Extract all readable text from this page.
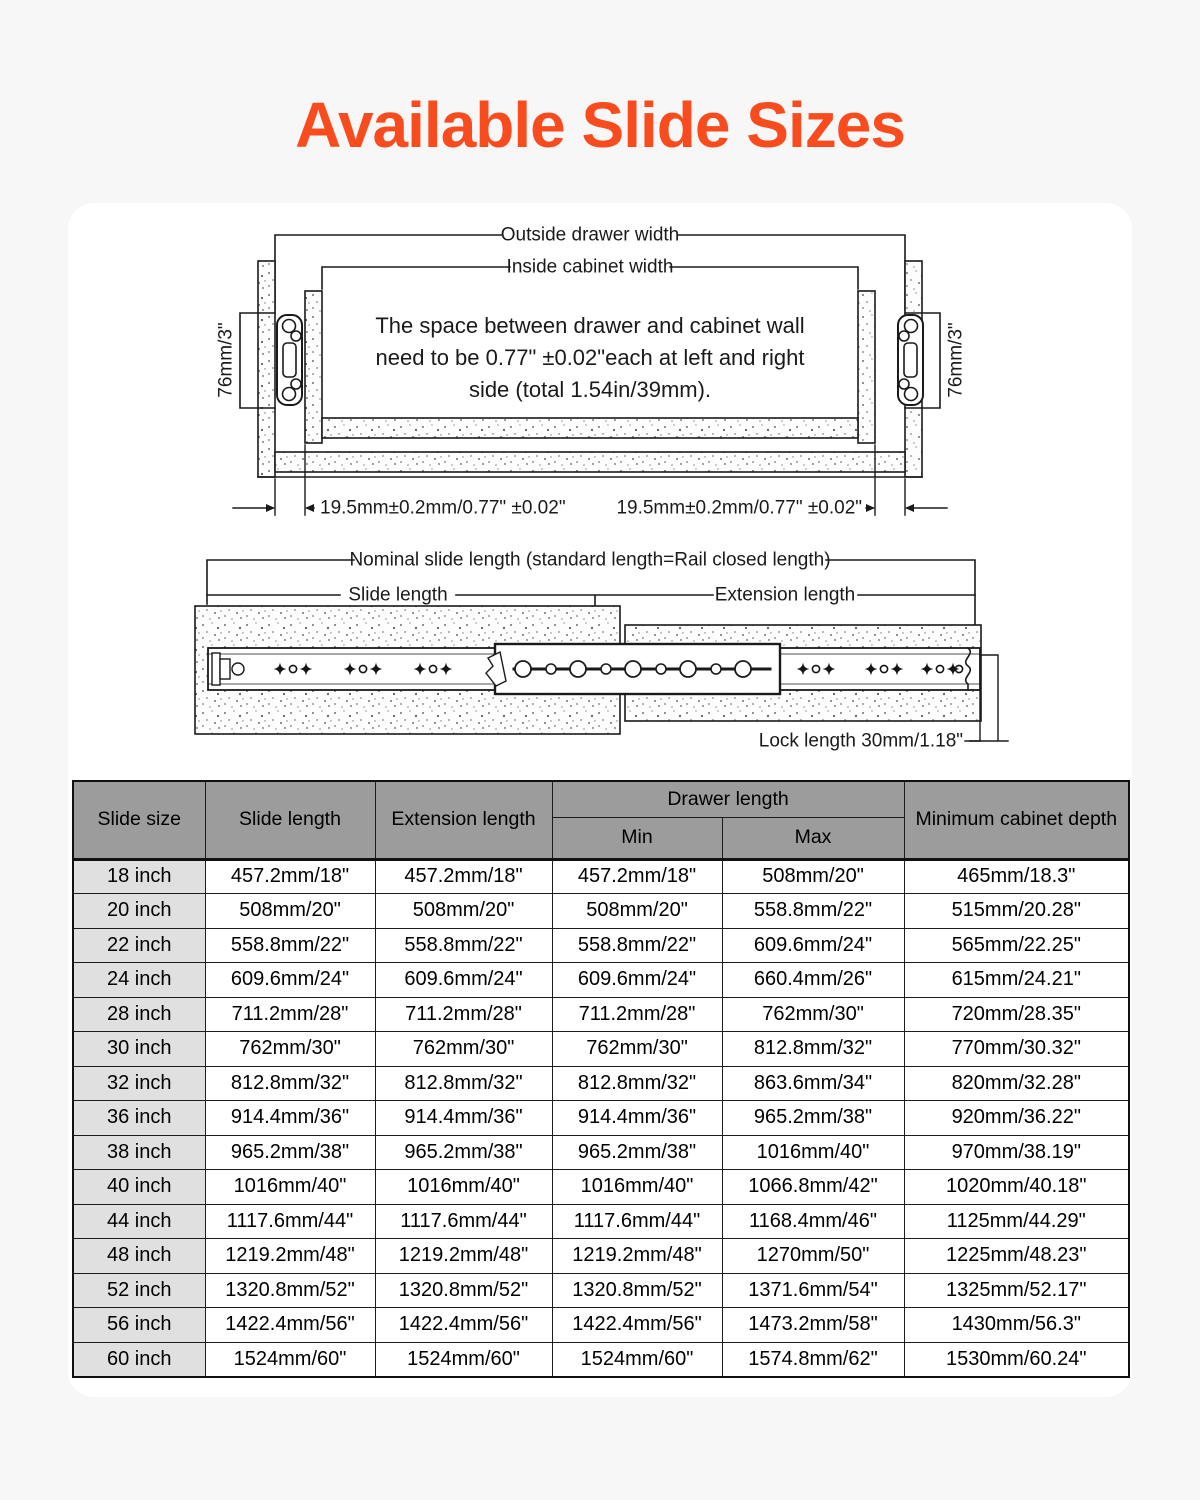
Available Slide Sizes
Outside drawer width
Inside cabinet width
76mm/3"	76mm/3"
The space between drawer and cabinet wall
need to be 0.77" ±0.02"each at left and right
side (total 1.54in/39mm).
19.5mm±0.2mm/0.77" ±0.02"	19.5mm±0.2mm/0.77" ±0.02"
Nominal slide length (standard length=Rail closed length)
Slide length	Extension length
Lock length 30mm/1.18"
Slide size	Slide length	Extension length	Drawer length		Minimum cabinet depth
			Min	Max	
18 inch	457.2mm/18"	457.2mm/18"	457.2mm/18"	508mm/20"	465mm/18.3"
20 inch	508mm/20"	508mm/20"	508mm/20"	558.8mm/22"	515mm/20.28"
22 inch	558.8mm/22"	558.8mm/22"	558.8mm/22"	609.6mm/24"	565mm/22.25"
24 inch	609.6mm/24"	609.6mm/24"	609.6mm/24"	660.4mm/26"	615mm/24.21"
28 inch	711.2mm/28"	711.2mm/28"	711.2mm/28"	762mm/30"	720mm/28.35"
30 inch	762mm/30"	762mm/30"	762mm/30"	812.8mm/32"	770mm/30.32"
32 inch	812.8mm/32"	812.8mm/32"	812.8mm/32"	863.6mm/34"	820mm/32.28"
36 inch	914.4mm/36"	914.4mm/36"	914.4mm/36"	965.2mm/38"	920mm/36.22"
38 inch	965.2mm/38"	965.2mm/38"	965.2mm/38"	1016mm/40"	970mm/38.19"
40 inch	1016mm/40"	1016mm/40"	1016mm/40"	1066.8mm/42"	1020mm/40.18"
44 inch	1117.6mm/44"	1117.6mm/44"	1117.6mm/44"	1168.4mm/46"	1125mm/44.29"
48 inch	1219.2mm/48"	1219.2mm/48"	1219.2mm/48"	1270mm/50"	1225mm/48.23"
52 inch	1320.8mm/52"	1320.8mm/52"	1320.8mm/52"	1371.6mm/54"	1325mm/52.17"
56 inch	1422.4mm/56"	1422.4mm/56"	1422.4mm/56"	1473.2mm/58"	1430mm/56.3"
60 inch	1524mm/60"	1524mm/60"	1524mm/60"	1574.8mm/62"	1530mm/60.24"
